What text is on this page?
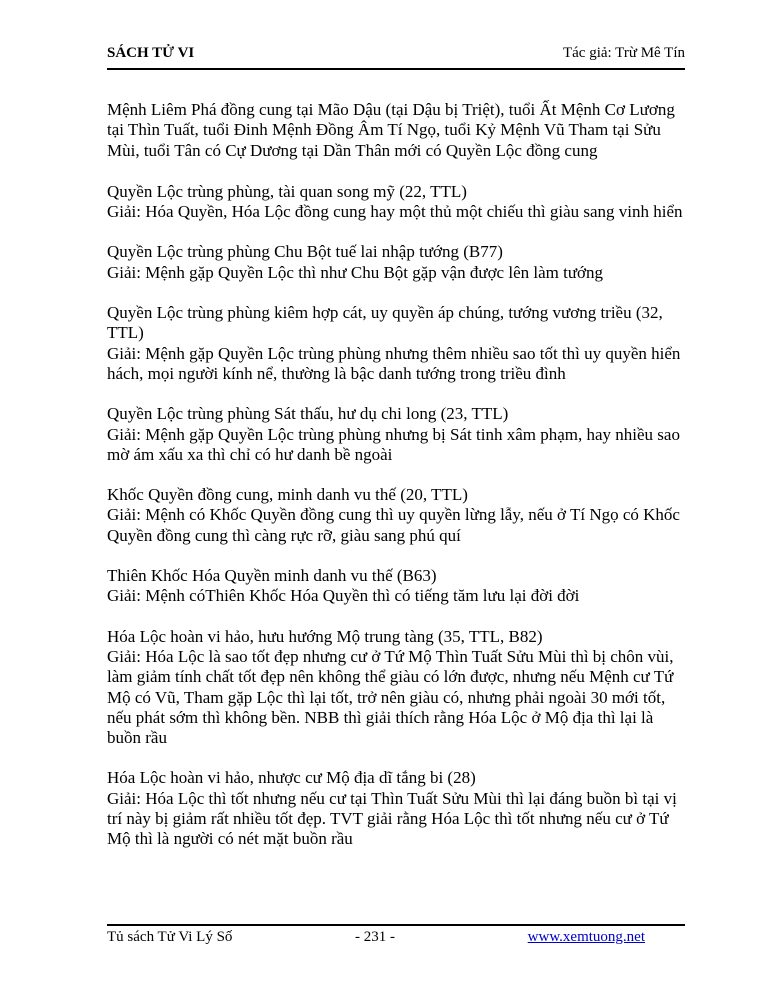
SÁCH TỬ VI	Tác giả: Trừ Mê Tín

Mệnh Liêm Phá đồng cung tại Mão Dậu (tại Dậu bị Triệt), tuổi Ất Mệnh Cơ Lương tại Thìn Tuất, tuổi Đinh Mệnh Đồng Âm Tí Ngọ, tuổi Kỷ Mệnh Vũ Tham tại Sửu Mùi, tuổi Tân có Cự Dương tại Dần Thân mới có Quyền Lộc đồng cung

Quyền Lộc trùng phùng, tài quan song mỹ (22, TTL)
Giải: Hóa Quyền, Hóa Lộc đồng cung hay một thủ một chiếu thì giàu sang vinh hiển

Quyền Lộc trùng phùng Chu Bột tuế lai nhập tướng (B77)
Giải: Mệnh gặp Quyền Lộc thì như Chu Bột gặp vận được lên làm tướng

Quyền Lộc trùng phùng kiêm hợp cát, uy quyền áp chúng, tướng vương triều (32, TTL)
Giải: Mệnh gặp Quyền Lộc trùng phùng nhưng thêm nhiều sao tốt thì uy quyền hiển hách, mọi người kính nể, thường là bậc danh tướng trong triều đình

Quyền Lộc trùng phùng Sát thấu, hư dụ chi long (23, TTL)
Giải: Mệnh gặp Quyền Lộc trùng phùng nhưng bị Sát tinh xâm phạm, hay nhiều sao mờ ám xấu xa thì chỉ có hư danh bề ngoài

Khốc Quyền đồng cung, minh danh vu thế (20, TTL)
Giải: Mệnh có Khốc Quyền đồng cung thì uy quyền lừng lẫy, nếu ở Tí Ngọ có Khốc Quyền đồng cung thì càng rực rỡ, giàu sang phú quí

Thiên Khốc Hóa Quyền minh danh vu thế (B63)
Giải: Mệnh cóThiên Khốc Hóa Quyền thì có tiếng tăm lưu lại đời đời

Hóa Lộc hoàn vi hảo, hưu hướng Mộ trung tàng (35, TTL, B82)
Giải: Hóa Lộc là sao tốt đẹp nhưng cư ở Tứ Mộ Thìn Tuất Sửu Mùi thì bị chôn vùi, làm giảm tính chất tốt đẹp nên không thể giàu có lớn được, nhưng nếu Mệnh cư Tứ Mộ có Vũ, Tham gặp Lộc thì lại tốt, trở nên giàu có, nhưng phải ngoài 30 mới tốt, nếu phát sớm thì không bền. NBB thì giải thích rằng Hóa Lộc ở Mộ địa thì lại là buồn rầu

Hóa Lộc hoàn vi hảo, nhược cư Mộ địa dĩ tắng bi (28)
Giải: Hóa Lộc thì tốt nhưng nếu cư tại Thìn Tuất Sửu Mùi thì lại đáng buồn bì tại vị trí này bị giảm rất nhiều tốt đẹp. TVT giải rằng Hóa Lộc thì tốt nhưng nếu cư ở Tứ Mộ thì là người có nét mặt buồn rầu

Tủ sách Tử Vi Lý Số	- 231 -	www.xemtuong.net
